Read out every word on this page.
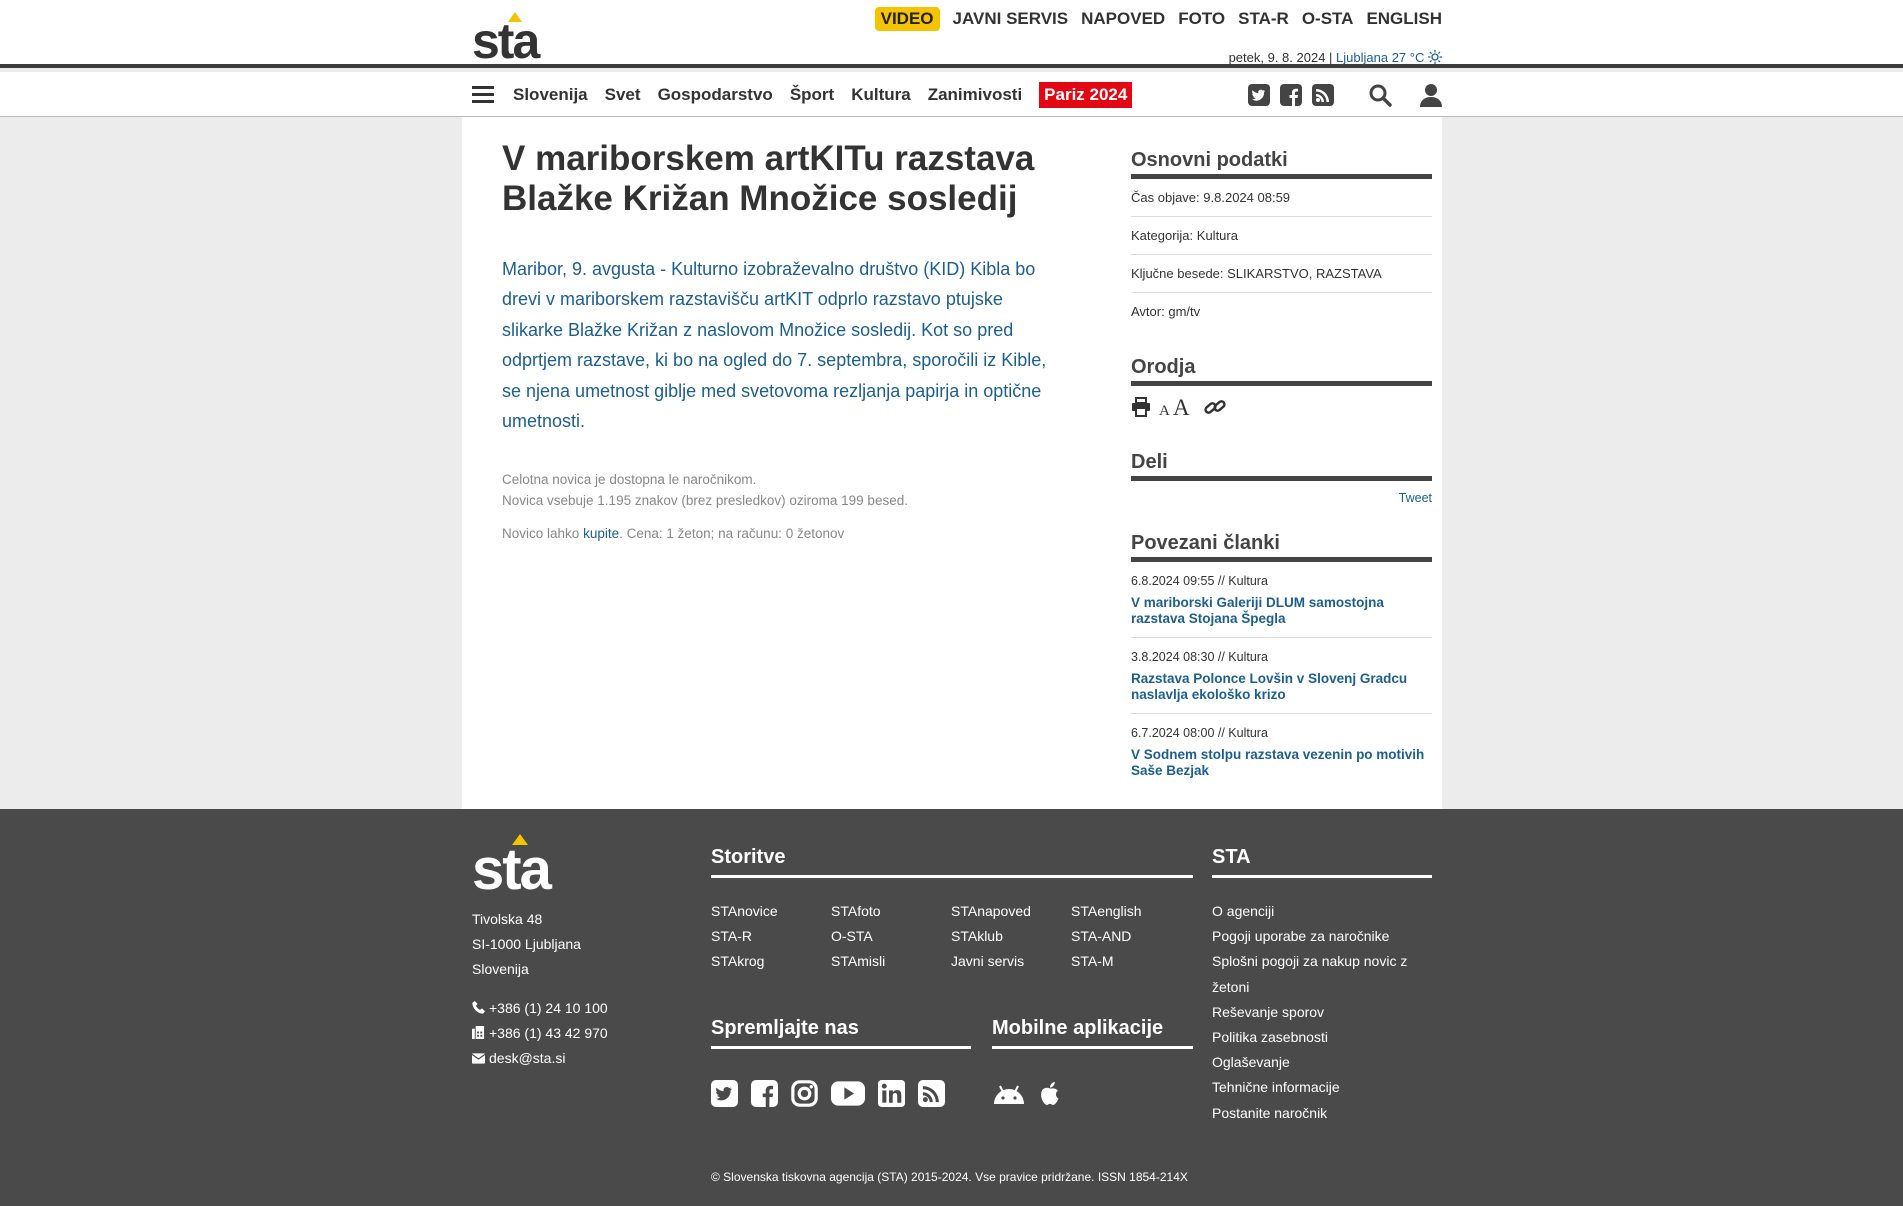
sta	VIDEO	JAVNI SERVIS NAPOVED FOTO STA-R O-STA ENGLISH
petek, 9. 8. 2024 | Ljubljana 27 °C
Slovenija Svet Gospodarstvo Šport Kultura Zanimivosti Pariz 2024
V mariborskem artKITu razstava Blažke Križan Množice sosledij

Maribor, 9. avgusta - Kulturno izobraževalno društvo (KID) Kibla bo drevi v mariborskem razstavišču artKIT odprlo razstavo ptujske slikarke Blažke Križan z naslovom Množice sosledij. Kot so pred odprtjem razstave, ki bo na ogled do 7. septembra, sporočili iz Kible, se njena umetnost giblje med svetovoma rezljanja papirja in optične umetnosti.

Celotna novica je dostopna le naročnikom.
Novica vsebuje 1.195 znakov (brez presledkov) oziroma 199 besed.
Novico lahko kupite. Cena: 1 žeton; na računu: 0 žetonov
Osnovni podatki
Čas objave: 9.8.2024 08:59
Kategorija: Kultura
Ključne besede: SLIKARSTVO, RAZSTAVA
Avtor: gm/tv
Orodja
A A
Deli
Tweet
Povezani članki
6.8.2024 09:55 // Kultura
V mariborski Galeriji DLUM samostojna razstava Stojana Špegla
3.8.2024 08:30 // Kultura
Razstava Polonce Lovšin v Slovenj Gradcu naslavlja ekološko krizo
6.7.2024 08:00 // Kultura
V Sodnem stolpu razstava vezenin po motivih Saše Bezjak
sta
Tivolska 48
SI-1000 Ljubljana
Slovenija
+386 (1) 24 10 100
+386 (1) 43 42 970
desk@sta.si
Storitve
STAnovice	STAfoto	STAnapoved	STAenglish
STA-R	O-STA	STAklub	STA-AND
STAkrog	STAmisli	Javni servis	STA-M
Spremljajte nas	Mobilne aplikacije
STA
O agenciji
Pogoji uporabe za naročnike
Splošni pogoji za nakup novic z žetoni
Reševanje sporov
Politika zasebnosti
Oglaševanje
Tehnične informacije
Postanite naročnik
© Slovenska tiskovna agencija (STA) 2015-2024. Vse pravice pridržane. ISSN 1854-214X
